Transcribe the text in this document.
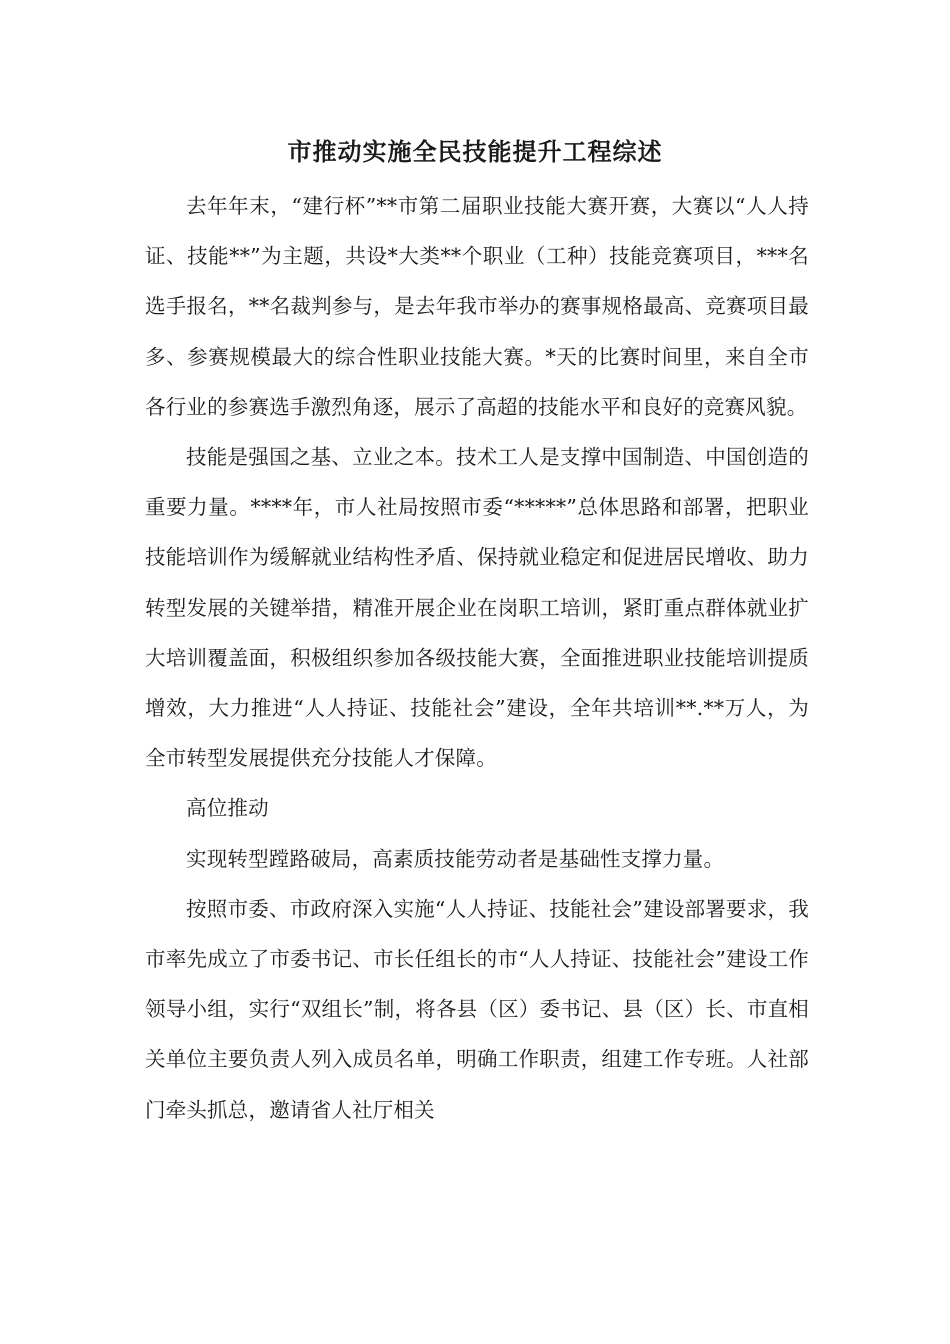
市推动实施全民技能提升工程综述

去年年末，“建行杯”**市第二届职业技能大赛开赛，大赛以“人人持证、技能**”为主题，共设*大类**个职业（工种）技能竞赛项目，***名选手报名，**名裁判参与，是去年我市举办的赛事规格最高、竞赛项目最多、参赛规模最大的综合性职业技能大赛。*天的比赛时间里，来自全市各行业的参赛选手激烈角逐，展示了高超的技能水平和良好的竞赛风貌。

技能是强国之基、立业之本。技术工人是支撑中国制造、中国创造的重要力量。****年，市人社局按照市委“*****”总体思路和部署，把职业技能培训作为缓解就业结构性矛盾、保持就业稳定和促进居民增收、助力转型发展的关键举措，精准开展企业在岗职工培训，紧盯重点群体就业扩大培训覆盖面，积极组织参加各级技能大赛，全面推进职业技能培训提质增效，大力推进“人人持证、技能社会”建设，全年共培训**.**万人，为全市转型发展提供充分技能人才保障。

高位推动

实现转型蹚路破局，高素质技能劳动者是基础性支撑力量。

按照市委、市政府深入实施“人人持证、技能社会”建设部署要求，我市率先成立了市委书记、市长任组长的市“人人持证、技能社会”建设工作领导小组，实行“双组长”制，将各县（区）委书记、县（区）长、市直相关单位主要负责人列入成员名单，明确工作职责，组建工作专班。人社部门牵头抓总，邀请省人社厅相关
